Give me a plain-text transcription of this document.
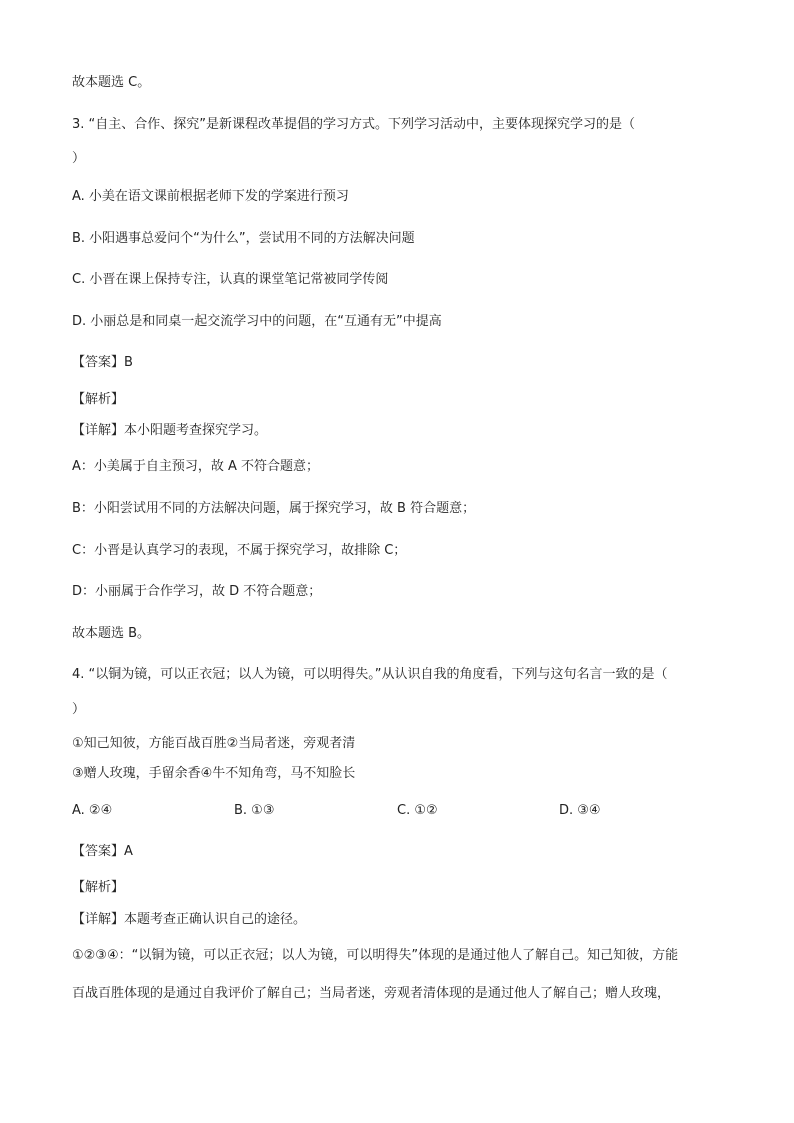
故本题选 C。
3. “自主、合作、探究”是新课程改革提倡的学习方式。下列学习活动中，主要体现探究学习的是（
）
A. 小美在语文课前根据老师下发的学案进行预习
B. 小阳遇事总爱问个“为什么”，尝试用不同的方法解决问题
C. 小晋在课上保持专注，认真的课堂笔记常被同学传阅
D. 小丽总是和同桌一起交流学习中的问题，在“互通有无”中提高
【答案】B
【解析】
【详解】本小阳题考查探究学习。
A：小美属于自主预习，故 A 不符合题意；
B：小阳尝试用不同的方法解决问题，属于探究学习，故 B 符合题意；
C：小晋是认真学习的表现，不属于探究学习，故排除 C；
D：小丽属于合作学习，故 D 不符合题意；
故本题选 B。
4. “以铜为镜，可以正衣冠；以人为镜，可以明得失。”从认识自我的角度看，下列与这句名言一致的是（
）
①知己知彼，方能百战百胜②当局者迷，旁观者清
③赠人玫瑰，手留余香④牛不知角弯，马不知脸长
A. ②④	B. ①③	C. ①②	D. ③④
【答案】A
【解析】
【详解】本题考查正确认识自己的途径。
①②③④：“以铜为镜，可以正衣冠；以人为镜，可以明得失”体现的是通过他人了解自己。知己知彼，方能
百战百胜体现的是通过自我评价了解自己；当局者迷，旁观者清体现的是通过他人了解自己；赠人玫瑰，
